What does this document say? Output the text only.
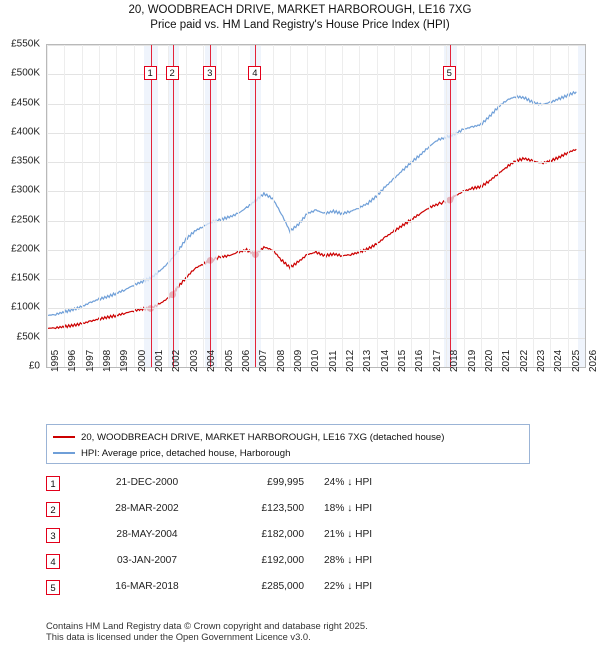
20, WOODBREACH DRIVE, MARKET HARBOROUGH, LE16 7XG
Price paid vs. HM Land Registry's House Price Index (HPI)
£0
£50K
£100K
£150K
£200K
£250K
£300K
£350K
£400K
£450K
£500K
£550K
1995 1996 1997 1998 1999 2000 2001 2002 2003 2004 2005 2006 2007 2008 2009 2010 2011 2012 2013 2014 2015 2016 2017 2018 2019 2020 2021 2022 2023 2024 2025 2026
20, WOODBREACH DRIVE, MARKET HARBOROUGH, LE16 7XG (detached house)
HPI: Average price, detached house, Harborough
1	21-DEC-2000	£99,995 24% ↓ HPI
2	28-MAR-2002	£123,500 18% ↓ HPI
3	28-MAY-2004	£182,000 21% ↓ HPI
4	03-JAN-2007	£192,000 28% ↓ HPI
5	16-MAR-2018	£285,000 22% ↓ HPI
Contains HM Land Registry data © Crown copyright and database right 2025.
This data is licensed under the Open Government Licence v3.0.
1	2	3	4	5
